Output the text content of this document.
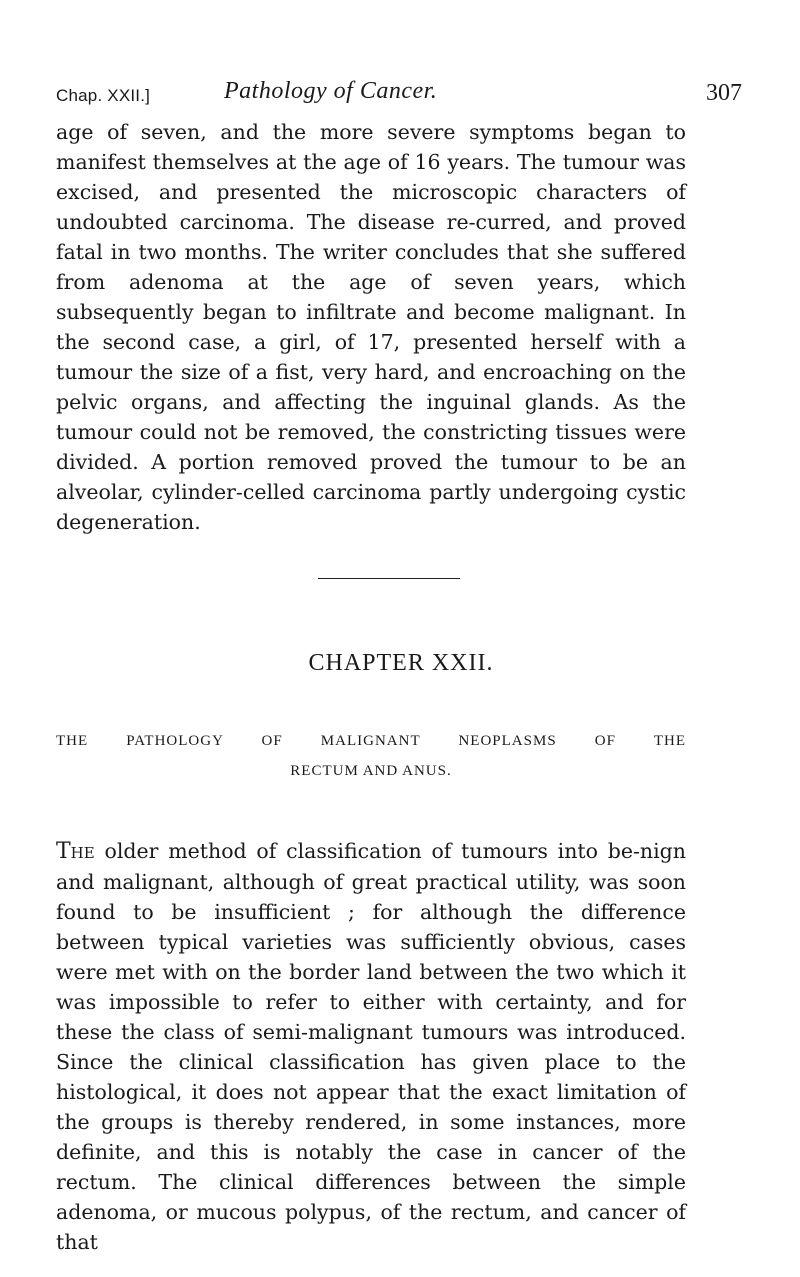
Chap. XXII.]	Pathology of Cancer.	307

age of seven, and the more severe symptoms began to manifest themselves at the age of 16 years. The tumour was excised, and presented the microscopic characters of undoubted carcinoma. The disease re-curred, and proved fatal in two months. The writer concludes that she suffered from adenoma at the age of seven years, which subsequently began to infiltrate and become malignant. In the second case, a girl, of 17, presented herself with a tumour the size of a fist, very hard, and encroaching on the pelvic organs, and affecting the inguinal glands. As the tumour could not be removed, the constricting tissues were divided. A portion removed proved the tumour to be an alveolar, cylinder-celled carcinoma partly undergoing cystic degeneration.

CHAPTER XXII.
THE PATHOLOGY OF MALIGNANT NEOPLASMS OF THE
RECTUM AND ANUS.

The older method of classification of tumours into be-nign and malignant, although of great practical utility, was soon found to be insufficient ; for although the difference between typical varieties was sufficiently obvious, cases were met with on the border land between the two which it was impossible to refer to either with certainty, and for these the class of semi-malignant tumours was introduced. Since the clinical classification has given place to the histological, it does not appear that the exact limitation of the groups is thereby rendered, in some instances, more definite, and this is notably the case in cancer of the rectum. The clinical differences between the simple adenoma, or mucous polypus, of the rectum, and cancer of that
